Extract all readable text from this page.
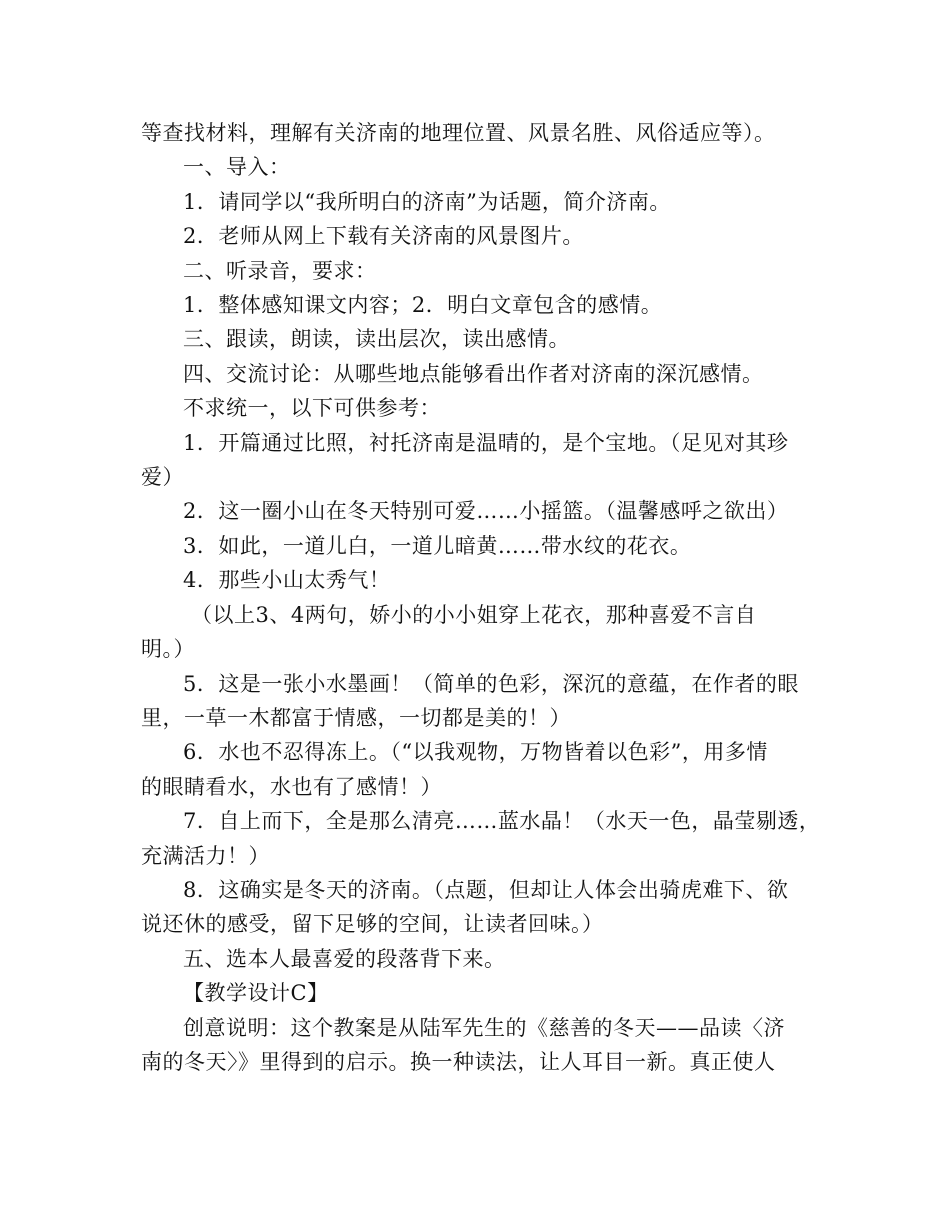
等查找材料，理解有关济南的地理位置、风景名胜、风俗适应等）。

一、导入：

1．请同学以“我所明白的济南”为话题，简介济南。

2．老师从网上下载有关济南的风景图片。

二、听录音，要求：

1．整体感知课文内容；2．明白文章包含的感情。

三、跟读，朗读，读出层次，读出感情。

四、交流讨论：从哪些地点能够看出作者对济南的深沉感情。

不求统一，以下可供参考：

1．开篇通过比照，衬托济南是温晴的，是个宝地。（足见对其珍
爱）

2．这一圈小山在冬天特别可爱……小摇篮。（温馨感呼之欲出）

3．如此，一道儿白，一道儿暗黄……带水纹的花衣。

4．那些小山太秀气！

（以上3、4两句，娇小的小小姐穿上花衣，那种喜爱不言自
明。）

5．这是一张小水墨画！（简单的色彩，深沉的意蕴，在作者的眼
里，一草一木都富于情感，一切都是美的！）

6．水也不忍得冻上。（“以我观物，万物皆着以色彩”，用多情
的眼睛看水，水也有了感情！）

7．自上而下，全是那么清亮……蓝水晶！（水天一色，晶莹剔透，
充满活力！）

8．这确实是冬天的济南。（点题，但却让人体会出骑虎难下、欲
说还休的感受，留下足够的空间，让读者回味。）

五、选本人最喜爱的段落背下来。

【教学设计C】

创意说明：这个教案是从陆军先生的《慈善的冬天——品读〈济
南的冬天〉》里得到的启示。换一种读法，让人耳目一新。真正使人
